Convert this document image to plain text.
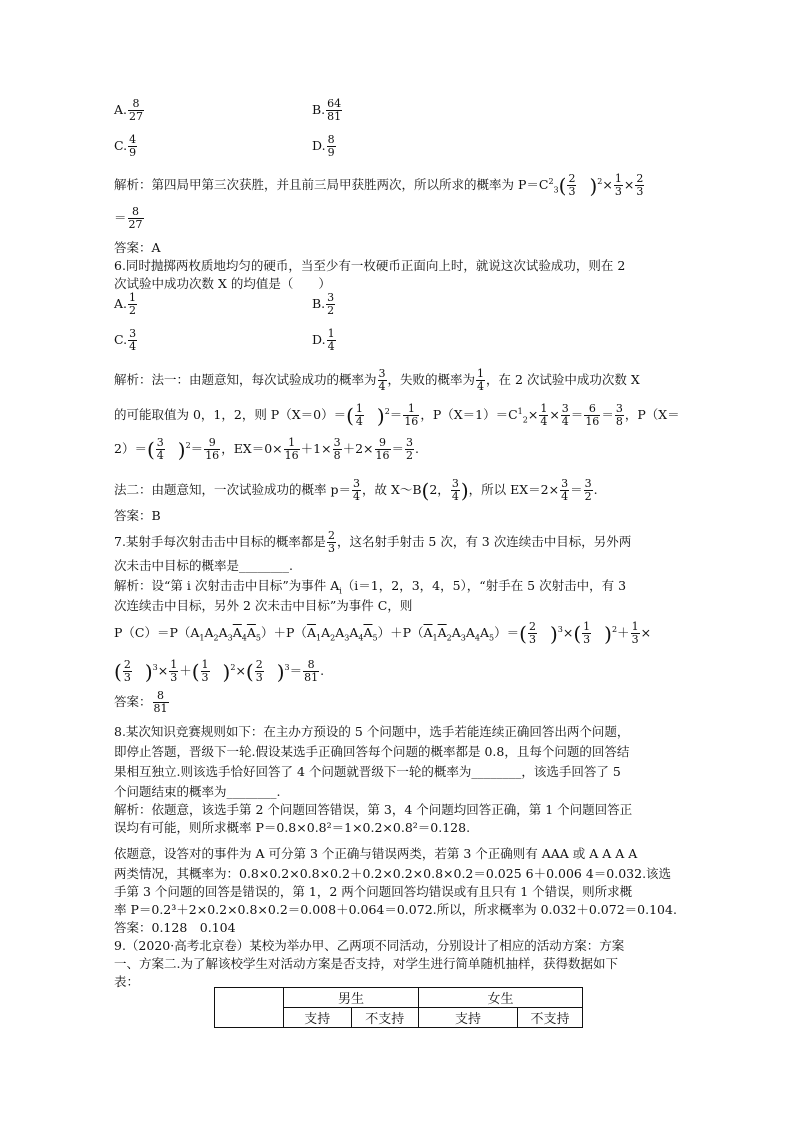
A. $\frac{8}{27}$	B. $\frac{64}{81}$
C. $\frac{4}{9}$	D. $\frac{8}{9}$
解析：第四局甲第三次获胜，并且前三局甲获胜两次，所以所求的概率为 $P=C^2_3( \frac{2}{3} )^2\times \frac{1}{3} \times \frac{2}{3}$
＝ $\frac{8}{27}$
答案：A
6.同时抛掷两枚质地均匀的硬币，当至少有一枚硬币正面向上时，就说这次试验成功，则在 2
次试验中成功次数 X 的均值是（　　）
A. $\frac{1}{2}$	B. $\frac{3}{2}$
C. $\frac{3}{4}$	D. $\frac{1}{4}$
解析：法一：由题意知，每次试验成功的概率为 $\frac{3}{4}$ ，失败的概率为 $\frac{1}{4}$ ，在 2 次试验中成功次数 X
的可能取值为 0，1，2，则 $P(X=0)=( \frac{1}{4} )^2= \frac{1}{16}$ ，$P(X=1)=C^1_2\times \frac{1}{4} \times \frac{3}{4} = \frac{6}{16} = \frac{3}{8}$ ，P（X＝
$2)=( \frac{3}{4} )^2= \frac{9}{16}$ ，$EX=0\times \frac{1}{16} +1\times \frac{3}{8} +2\times \frac{9}{16} = \frac{3}{2}$ .
法二：由题意知，一次试验成功的概率 $p= \frac{3}{4}$ ，故 X～B(2， $\frac{3}{4}$ )，所以 $EX=2\times \frac{3}{4} = \frac{3}{2}$ .
答案：B
7.某射手每次射击击中目标的概率都是 $\frac{2}{3}$ ，这名射手射击 5 次，有 3 次连续击中目标，另外两
次未击中目标的概率是________.
解析：设“第 i 次射击击中目标”为事件 $A_i(i=1$，2，3，4，5），“射手在 5 次射击中，有 3
次连续击中目标，另外 2 次未击中目标”为事件 C，则
$P(C)=P(A_1A_2A_3\overline{A}_4\overline{A}_5)+P(\overline{A}_1A_2A_3A_4\overline{A}_5)+P(\overline{A}_1\overline{A}_2A_3A_4A_5)=( \frac{2}{3} )^3\times( \frac{1}{3} )^2+ \frac{1}{3}$ ×
( $\frac{2}{3} )^3\times \frac{1}{3}$ ＋( $\frac{1}{3} )^2\times( \frac{2}{3} )^3= \frac{8}{81}$ .
答案： $\frac{8}{81}$
8.某次知识竞赛规则如下：在主办方预设的 5 个问题中，选手若能连续正确回答出两个问题，
即停止答题，晋级下一轮.假设某选手正确回答每个问题的概率都是 0.8，且每个问题的回答结
果相互独立.则该选手恰好回答了 4 个问题就晋级下一轮的概率为________，该选手回答了 5
个问题结束的概率为________.
解析：依题意，该选手第 2 个问题回答错误，第 3，4 个问题均回答正确，第 1 个问题回答正
误均有可能，则所求概率 P＝0.8×0.8²＝1×0.2×0.8²＝0.128.
依题意，设答对的事件为 A 可分第 3 个正确与错误两类，若第 3 个正确则有 AAA 或 A A A A
两类情况，其概率为：0.8×0.2×0.8×0.2＋0.2×0.2×0.8×0.2＝0.025 6＋0.006 4＝0.032.该选
手第 3 个问题的回答是错误的，第 1，2 两个问题回答均错误或有且只有 1 个错误，则所求概
率 P＝0.2³＋2×0.2×0.8×0.2＝0.008＋0.064＝0.072.所以，所求概率为 0.032＋0.072＝0.104.
答案：0.128　0.104
9.（2020·高考北京卷）某校为举办甲、乙两项不同活动，分别设计了相应的活动方案：方案
一、方案二.为了解该校学生对活动方案是否支持，对学生进行简单随机抽样，获得数据如下
表：
	男生		女生	
	支持	不支持	支持	不支持
